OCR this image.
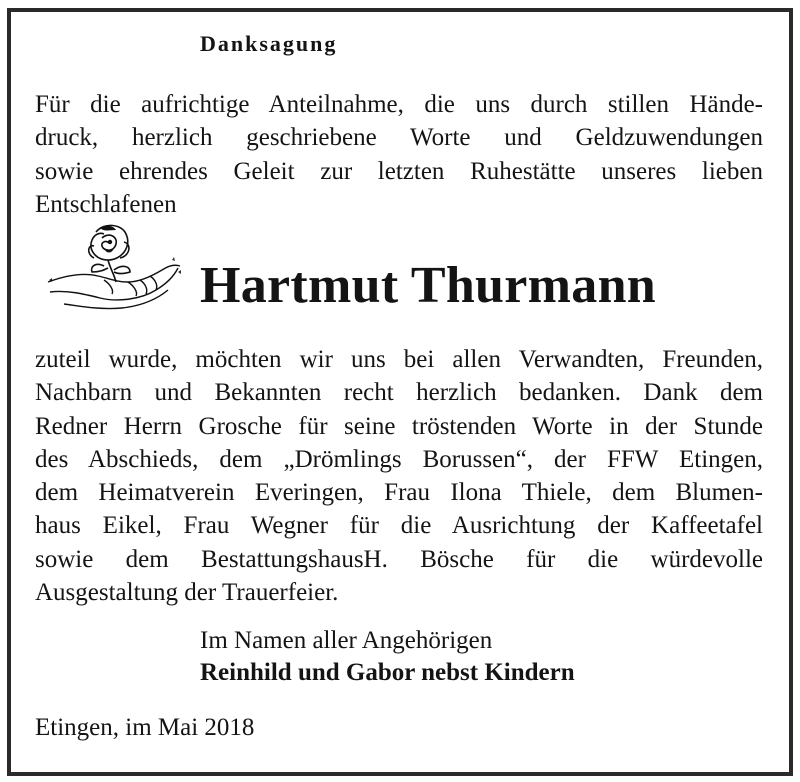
Danksagung

Für die aufrichtige Anteilnahme, die uns durch stillen Hände-
druck, herzlich geschriebene Worte und Geldzuwendungen
sowie ehrendes Geleit zur letzten Ruhestätte unseres lieben
Entschlafenen

Hartmut Thurmann

zuteil wurde, möchten wir uns bei allen Verwandten, Freunden,
Nachbarn und Bekannten recht herzlich bedanken. Dank dem
Redner Herrn Grosche für seine tröstenden Worte in der Stunde
des Abschieds, dem „Drömlings Borussen“, der FFW Etingen,
dem Heimatverein Everingen, Frau Ilona Thiele, dem Blumen-
haus Eikel, Frau Wegner für die Ausrichtung der Kaffeetafel
sowie dem BestattungshausH. Bösche für die würdevolle
Ausgestaltung der Trauerfeier.

Im Namen aller Angehörigen
Reinhild und Gabor nebst Kindern
Etingen, im Mai 2018
